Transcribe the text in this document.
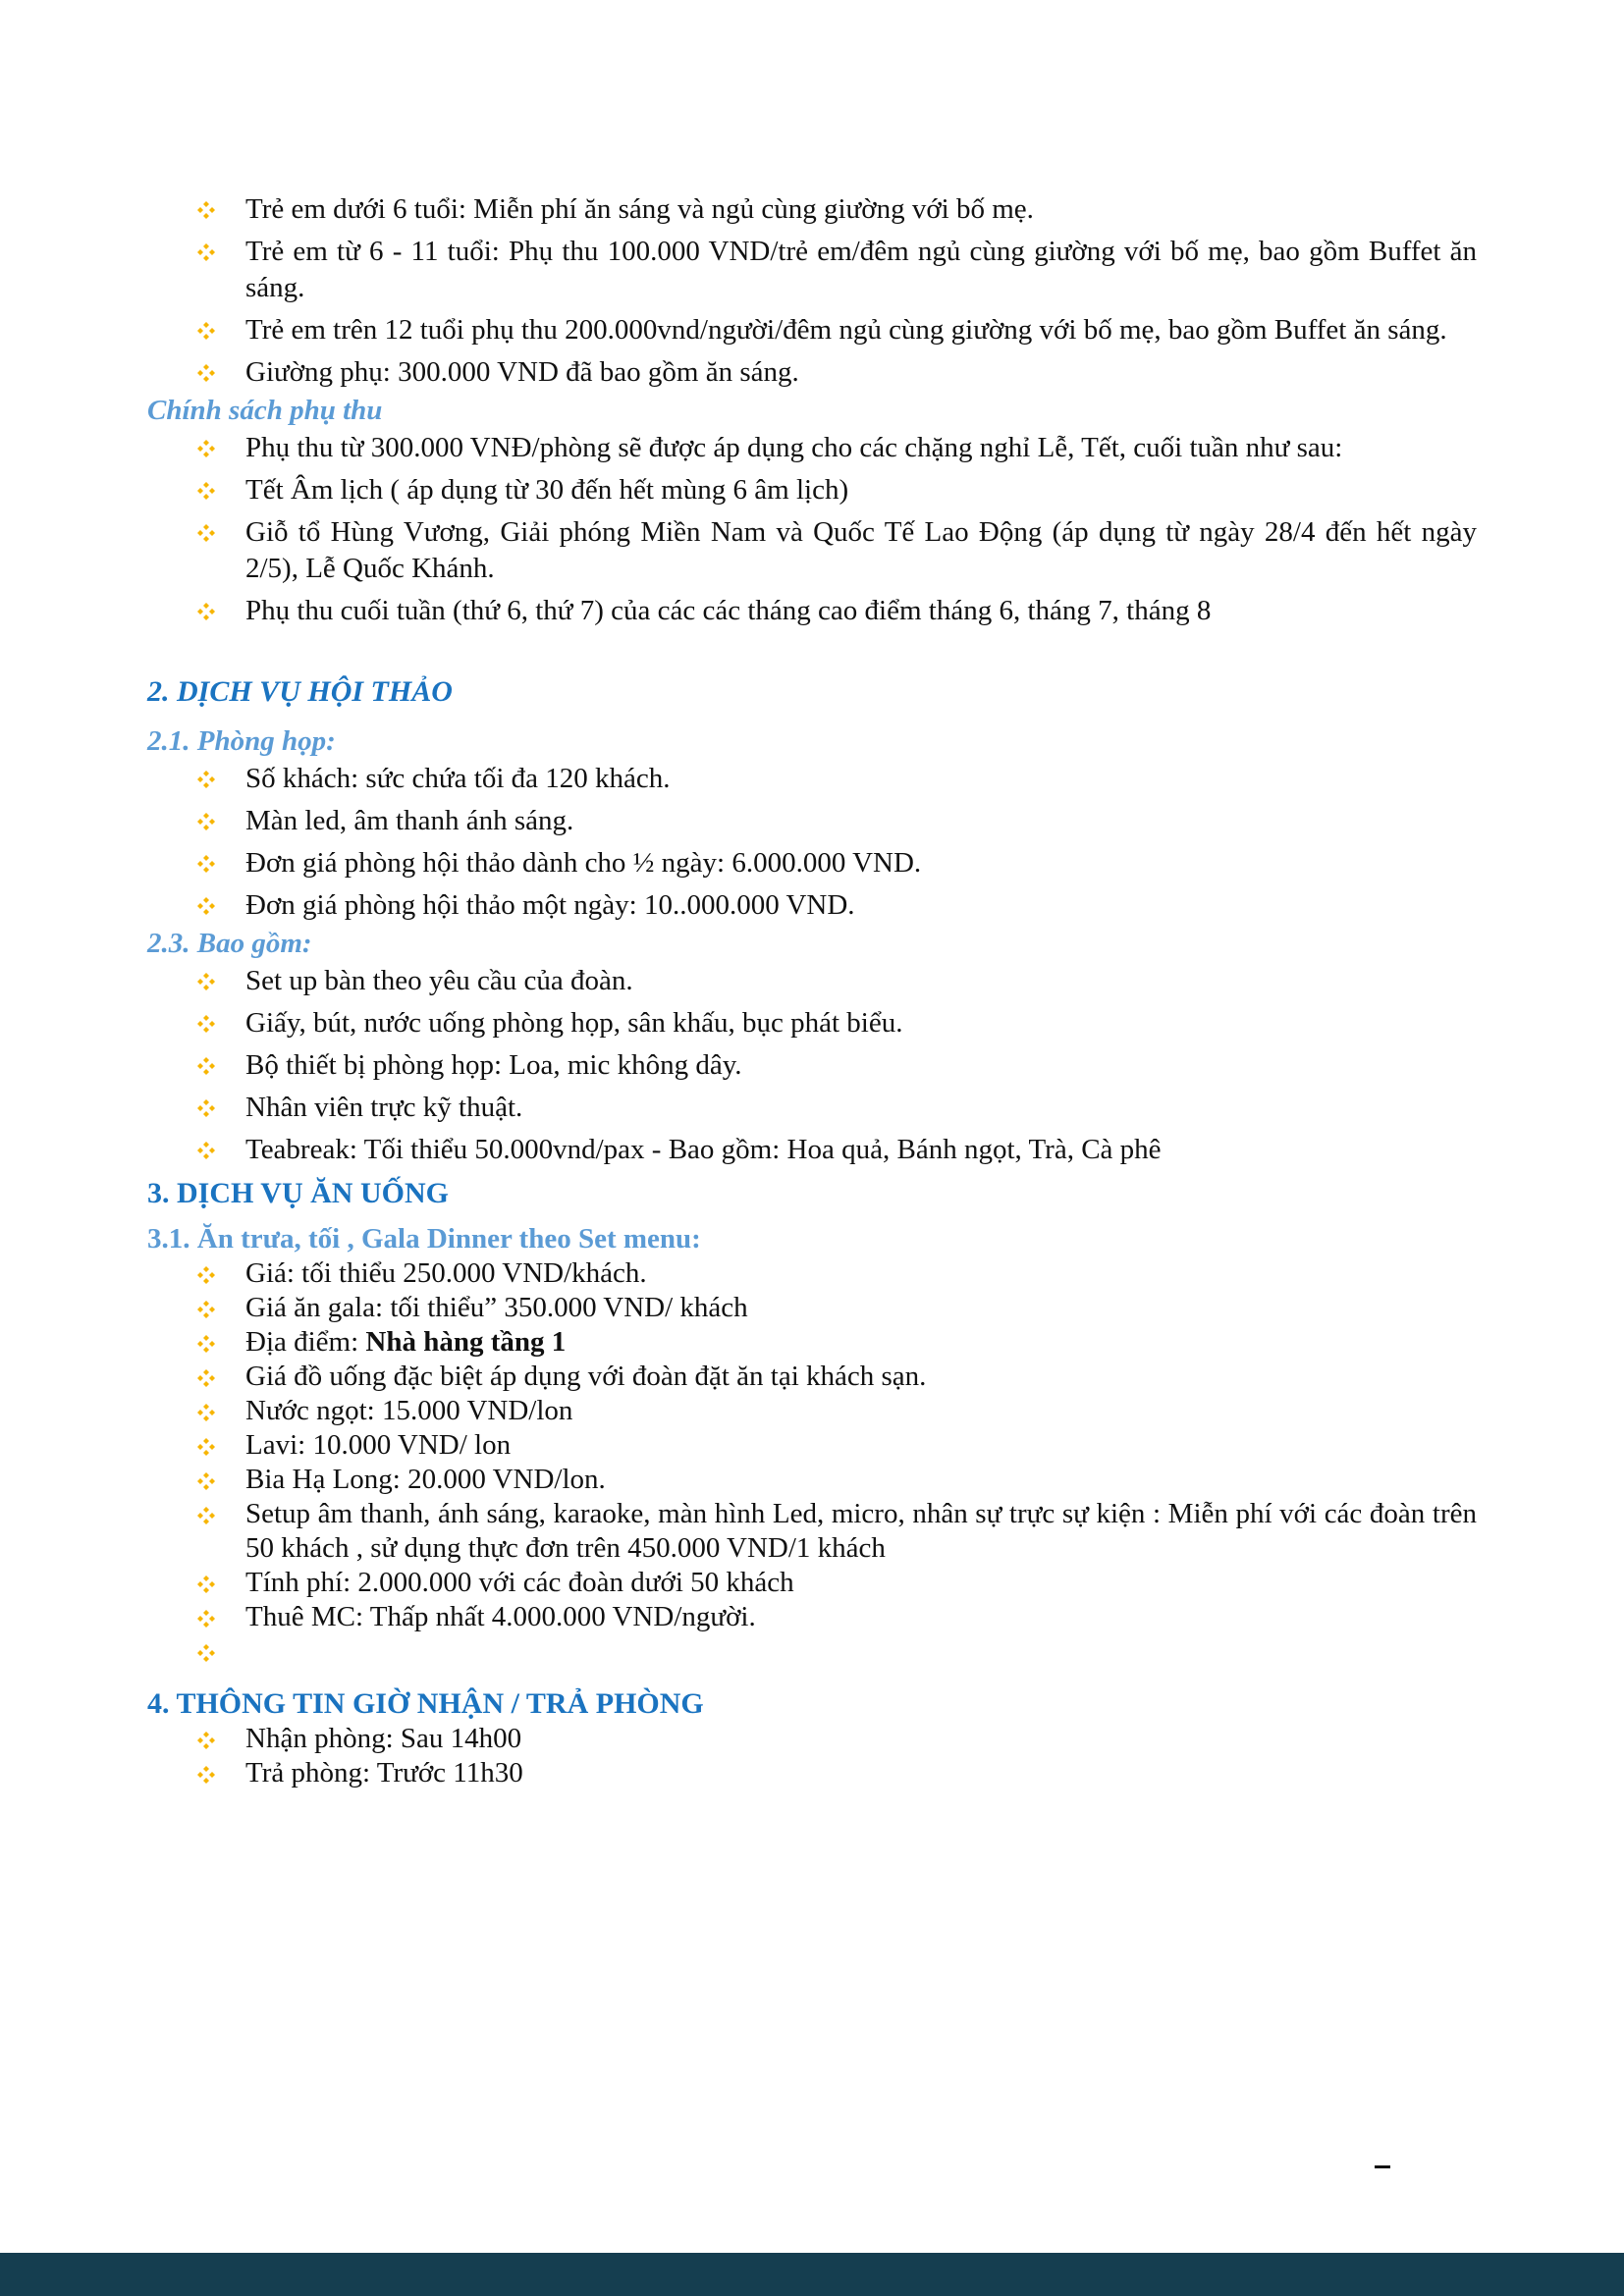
Trẻ em dưới 6 tuổi: Miễn phí ăn sáng và ngủ cùng giường với bố mẹ.
Trẻ em từ 6 - 11 tuổi: Phụ thu 100.000 VND/trẻ em/đêm ngủ cùng giường với bố mẹ, bao gồm Buffet ăn sáng.
Trẻ em trên 12 tuổi phụ thu 200.000vnd/người/đêm ngủ cùng giường với bố mẹ, bao gồm Buffet ăn sáng.
Giường phụ: 300.000 VND đã bao gồm ăn sáng.
Chính sách phụ thu
Phụ thu từ 300.000 VNĐ/phòng sẽ được áp dụng cho các chặng nghỉ Lễ, Tết, cuối tuần như sau:
Tết Âm lịch ( áp dụng từ 30 đến hết mùng 6 âm lịch)
Giỗ tổ Hùng Vương, Giải phóng Miền Nam và Quốc Tế Lao Động (áp dụng từ ngày 28/4 đến hết ngày 2/5), Lễ Quốc Khánh.
Phụ thu cuối tuần (thứ 6, thứ 7) của các các tháng cao điểm tháng 6, tháng 7, tháng 8
2. DỊCH VỤ HỘI THẢO
2.1. Phòng họp:
Số khách: sức chứa tối đa 120 khách.
Màn led, âm thanh ánh sáng.
Đơn giá phòng hội thảo dành cho ½ ngày: 6.000.000 VND.
Đơn giá phòng hội thảo một ngày: 10..000.000 VND.
2.3. Bao gồm:
Set up bàn theo yêu cầu của đoàn.
Giấy, bút, nước uống phòng họp, sân khấu, bục phát biểu.
Bộ thiết bị phòng họp: Loa, mic không dây.
Nhân viên trực kỹ thuật.
Teabreak: Tối thiểu 50.000vnd/pax - Bao gồm: Hoa quả, Bánh ngọt, Trà, Cà phê
3. DỊCH VỤ ĂN UỐNG
3.1. Ăn trưa, tối , Gala Dinner theo Set menu:
Giá: tối thiểu 250.000 VND/khách.
Giá ăn gala: tối thiểu” 350.000 VND/ khách
Địa điểm: Nhà hàng tầng 1
Giá đồ uống đặc biệt áp dụng với đoàn đặt ăn tại khách sạn.
Nước ngọt: 15.000 VND/lon
Lavi: 10.000 VND/ lon
Bia Hạ Long: 20.000 VND/lon.
Setup âm thanh, ánh sáng, karaoke, màn hình Led, micro, nhân sự trực sự kiện : Miễn phí với các đoàn trên 50 khách , sử dụng thực đơn trên 450.000 VND/1 khách
Tính phí: 2.000.000 với các đoàn dưới 50 khách
Thuê MC: Thấp nhất 4.000.000 VND/người.
4. THÔNG TIN GIỜ NHẬN / TRẢ PHÒNG
Nhận phòng: Sau 14h00
Trả phòng: Trước 11h30
